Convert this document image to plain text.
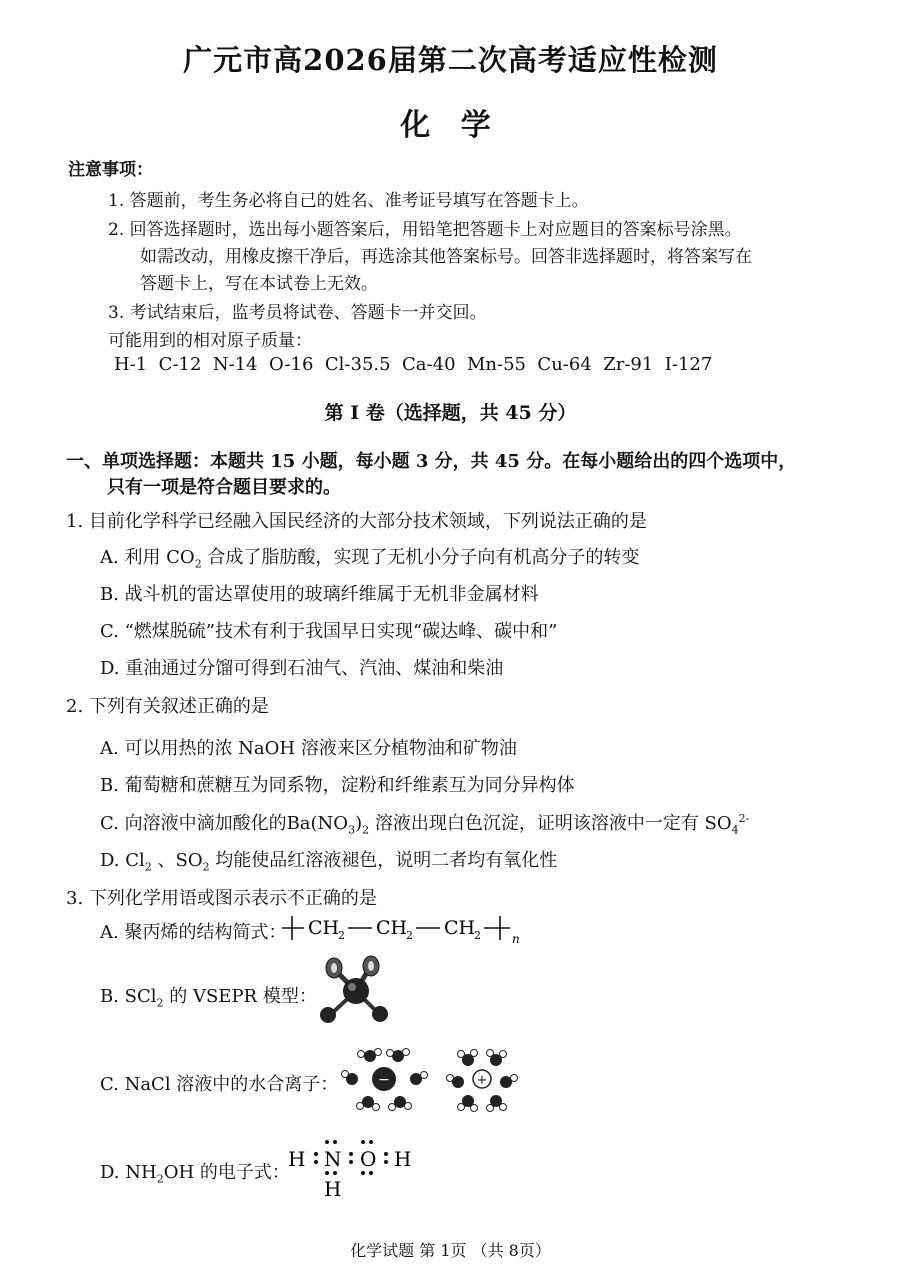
广元市高2026届第二次高考适应性检测
化 学
注意事项：
1. 答题前，考生务必将自己的姓名、准考证号填写在答题卡上。
2. 回答选择题时，选出每小题答案后，用铅笔把答题卡上对应题目的答案标号涂黑。
如需改动，用橡皮擦干净后，再选涂其他答案标号。回答非选择题时，将答案写在
答题卡上，写在本试卷上无效。
3. 考试结束后，监考员将试卷、答题卡一并交回。
可能用到的相对原子质量：
H-1  C-12  N-14  O-16  Cl-35.5  Ca-40  Mn-55  Cu-64  Zr-91  I-127
第 I 卷（选择题，共 45 分）
一、单项选择题：本题共 15 小题，每小题 3 分，共 45 分。在每小题给出的四个选项中，
只有一项是符合题目要求的。
1. 目前化学科学已经融入国民经济的大部分技术领域，下列说法正确的是
A. 利用 $CO_2$ 合成了脂肪酸，实现了无机小分子向有机高分子的转变
B. 战斗机的雷达罩使用的玻璃纤维属于无机非金属材料
C. “燃煤脱硫”技术有利于我国早日实现“碳达峰、碳中和”
D. 重油通过分馏可得到石油气、汽油、煤油和柴油
2. 下列有关叙述正确的是
A. 可以用热的浓 NaOH 溶液来区分植物油和矿物油
B. 葡萄糖和蔗糖互为同系物，淀粉和纤维素互为同分异构体
C. 向溶液中滴加酸化的$Ba(NO_3)_2$ 溶液出现白色沉淀，证明该溶液中一定有 $SO_4^{2-}$
D. $Cl_2$ 、$SO_2$ 均能使品红溶液褪色，说明二者均有氧化性
3. 下列化学用语或图示表示不正确的是
A. 聚丙烯的结构简式： CH
2 CH
2 CH
2	n
B. SCl$_2$ 的 VSEPR 模型：
C. NaCl 溶液中的水合离子：	−	+
D. $NH_2OH$ 的电子式：
H N O H
H
化学试题 第 1页 （共 8页）
